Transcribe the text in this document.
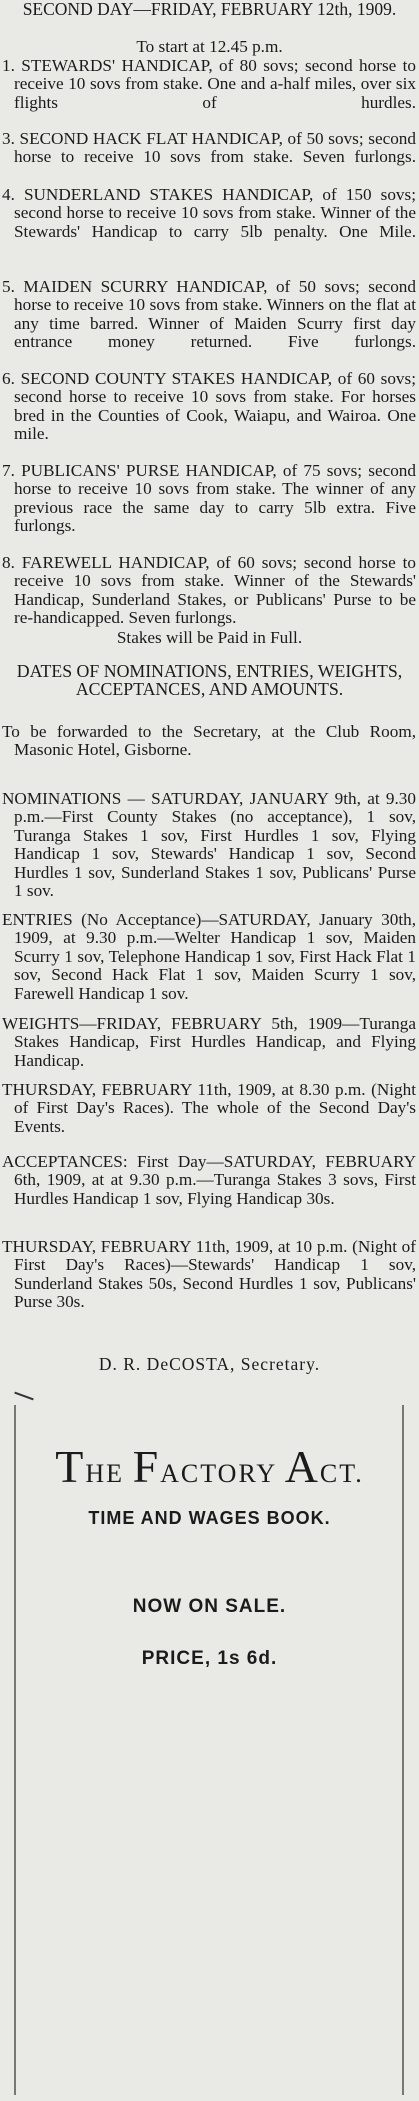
SECOND DAY—FRIDAY, FEBRUARY 12th, 1909.

To start at 12.45 p.m.

1. STEWARDS' HANDICAP, of 80 sovs; second horse to receive 10 sovs from stake. One and a-half miles, over six flights of hurdles.

3. SECOND HACK FLAT HANDICAP, of 50 sovs; second horse to receive 10 sovs from stake. Seven furlongs.

4. SUNDERLAND STAKES HANDICAP, of 150 sovs; second horse to receive 10 sovs from stake. Winner of the Stewards' Handicap to carry 5lb penalty. One Mile.

5. MAIDEN SCURRY HANDICAP, of 50 sovs; second horse to receive 10 sovs from stake. Winners on the flat at any time barred. Winner of Maiden Scurry first day entrance money returned. Five furlongs.

6. SECOND COUNTY STAKES HANDICAP, of 60 sovs; second horse to receive 10 sovs from stake. For horses bred in the Counties of Cook, Waiapu, and Wairoa. One mile.

7. PUBLICANS' PURSE HANDICAP, of 75 sovs; second horse to receive 10 sovs from stake. The winner of any previous race the same day to carry 5lb extra. Five furlongs.

8. FAREWELL HANDICAP, of 60 sovs; second horse to receive 10 sovs from stake. Winner of the Stewards' Handicap, Sunderland Stakes, or Publicans' Purse to be re-handicapped. Seven furlongs.

Stakes will be Paid in Full.

DATES OF NOMINATIONS, ENTRIES, WEIGHTS, ACCEPTANCES, AND AMOUNTS.

To be forwarded to the Secretary, at the Club Room, Masonic Hotel, Gisborne.

NOMINATIONS — SATURDAY, JANUARY 9th, at 9.30 p.m.—First County Stakes (no acceptance), 1 sov, Turanga Stakes 1 sov, First Hurdles 1 sov, Flying Handicap 1 sov, Stewards' Handicap 1 sov, Second Hurdles 1 sov, Sunderland Stakes 1 sov, Publicans' Purse 1 sov.

ENTRIES (No Acceptance)—SATURDAY, January 30th, 1909, at 9.30 p.m.—Welter Handicap 1 sov, Maiden Scurry 1 sov, Telephone Handicap 1 sov, First Hack Flat 1 sov, Second Hack Flat 1 sov, Maiden Scurry 1 sov, Farewell Handicap 1 sov.

WEIGHTS—FRIDAY, FEBRUARY 5th, 1909—Turanga Stakes Handicap, First Hurdles Handicap, and Flying Handicap.

THURSDAY, FEBRUARY 11th, 1909, at 8.30 p.m. (Night of First Day's Races). The whole of the Second Day's Events.

ACCEPTANCES: First Day—SATURDAY, FEBRUARY 6th, 1909, at at 9.30 p.m.—Turanga Stakes 3 sovs, First Hurdles Handicap 1 sov, Flying Handicap 30s.

THURSDAY, FEBRUARY 11th, 1909, at 10 p.m. (Night of First Day's Races)—Stewards' Handicap 1 sov, Sunderland Stakes 50s, Second Hurdles 1 sov, Publicans' Purse 30s.

D. R. DeCOSTA, Secretary.

THE FACTORY ACT.

TIME AND WAGES BOOK.

NOW ON SALE.

PRICE, 1s 6d.
